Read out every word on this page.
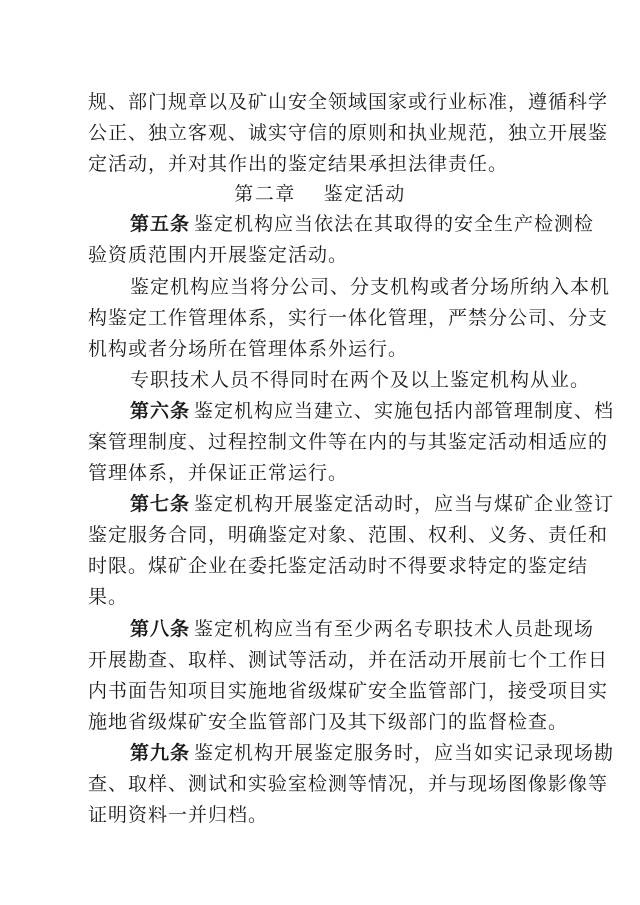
规、部门规章以及矿山安全领域国家或行业标准，遵循科学
公正、独立客观、诚实守信的原则和执业规范，独立开展鉴
定活动，并对其作出的鉴定结果承担法律责任。
第二章 鉴定活动
第五条 鉴定机构应当依法在其取得的安全生产检测检
验资质范围内开展鉴定活动。
鉴定机构应当将分公司、分支机构或者分场所纳入本机
构鉴定工作管理体系，实行一体化管理，严禁分公司、分支
机构或者分场所在管理体系外运行。
专职技术人员不得同时在两个及以上鉴定机构从业。
第六条 鉴定机构应当建立、实施包括内部管理制度、档
案管理制度、过程控制文件等在内的与其鉴定活动相适应的
管理体系，并保证正常运行。
第七条 鉴定机构开展鉴定活动时，应当与煤矿企业签订
鉴定服务合同，明确鉴定对象、范围、权利、义务、责任和
时限。煤矿企业在委托鉴定活动时不得要求特定的鉴定结
果。
第八条 鉴定机构应当有至少两名专职技术人员赴现场
开展勘查、取样、测试等活动，并在活动开展前七个工作日
内书面告知项目实施地省级煤矿安全监管部门，接受项目实
施地省级煤矿安全监管部门及其下级部门的监督检查。
第九条 鉴定机构开展鉴定服务时，应当如实记录现场勘
查、取样、测试和实验室检测等情况，并与现场图像影像等
证明资料一并归档。
